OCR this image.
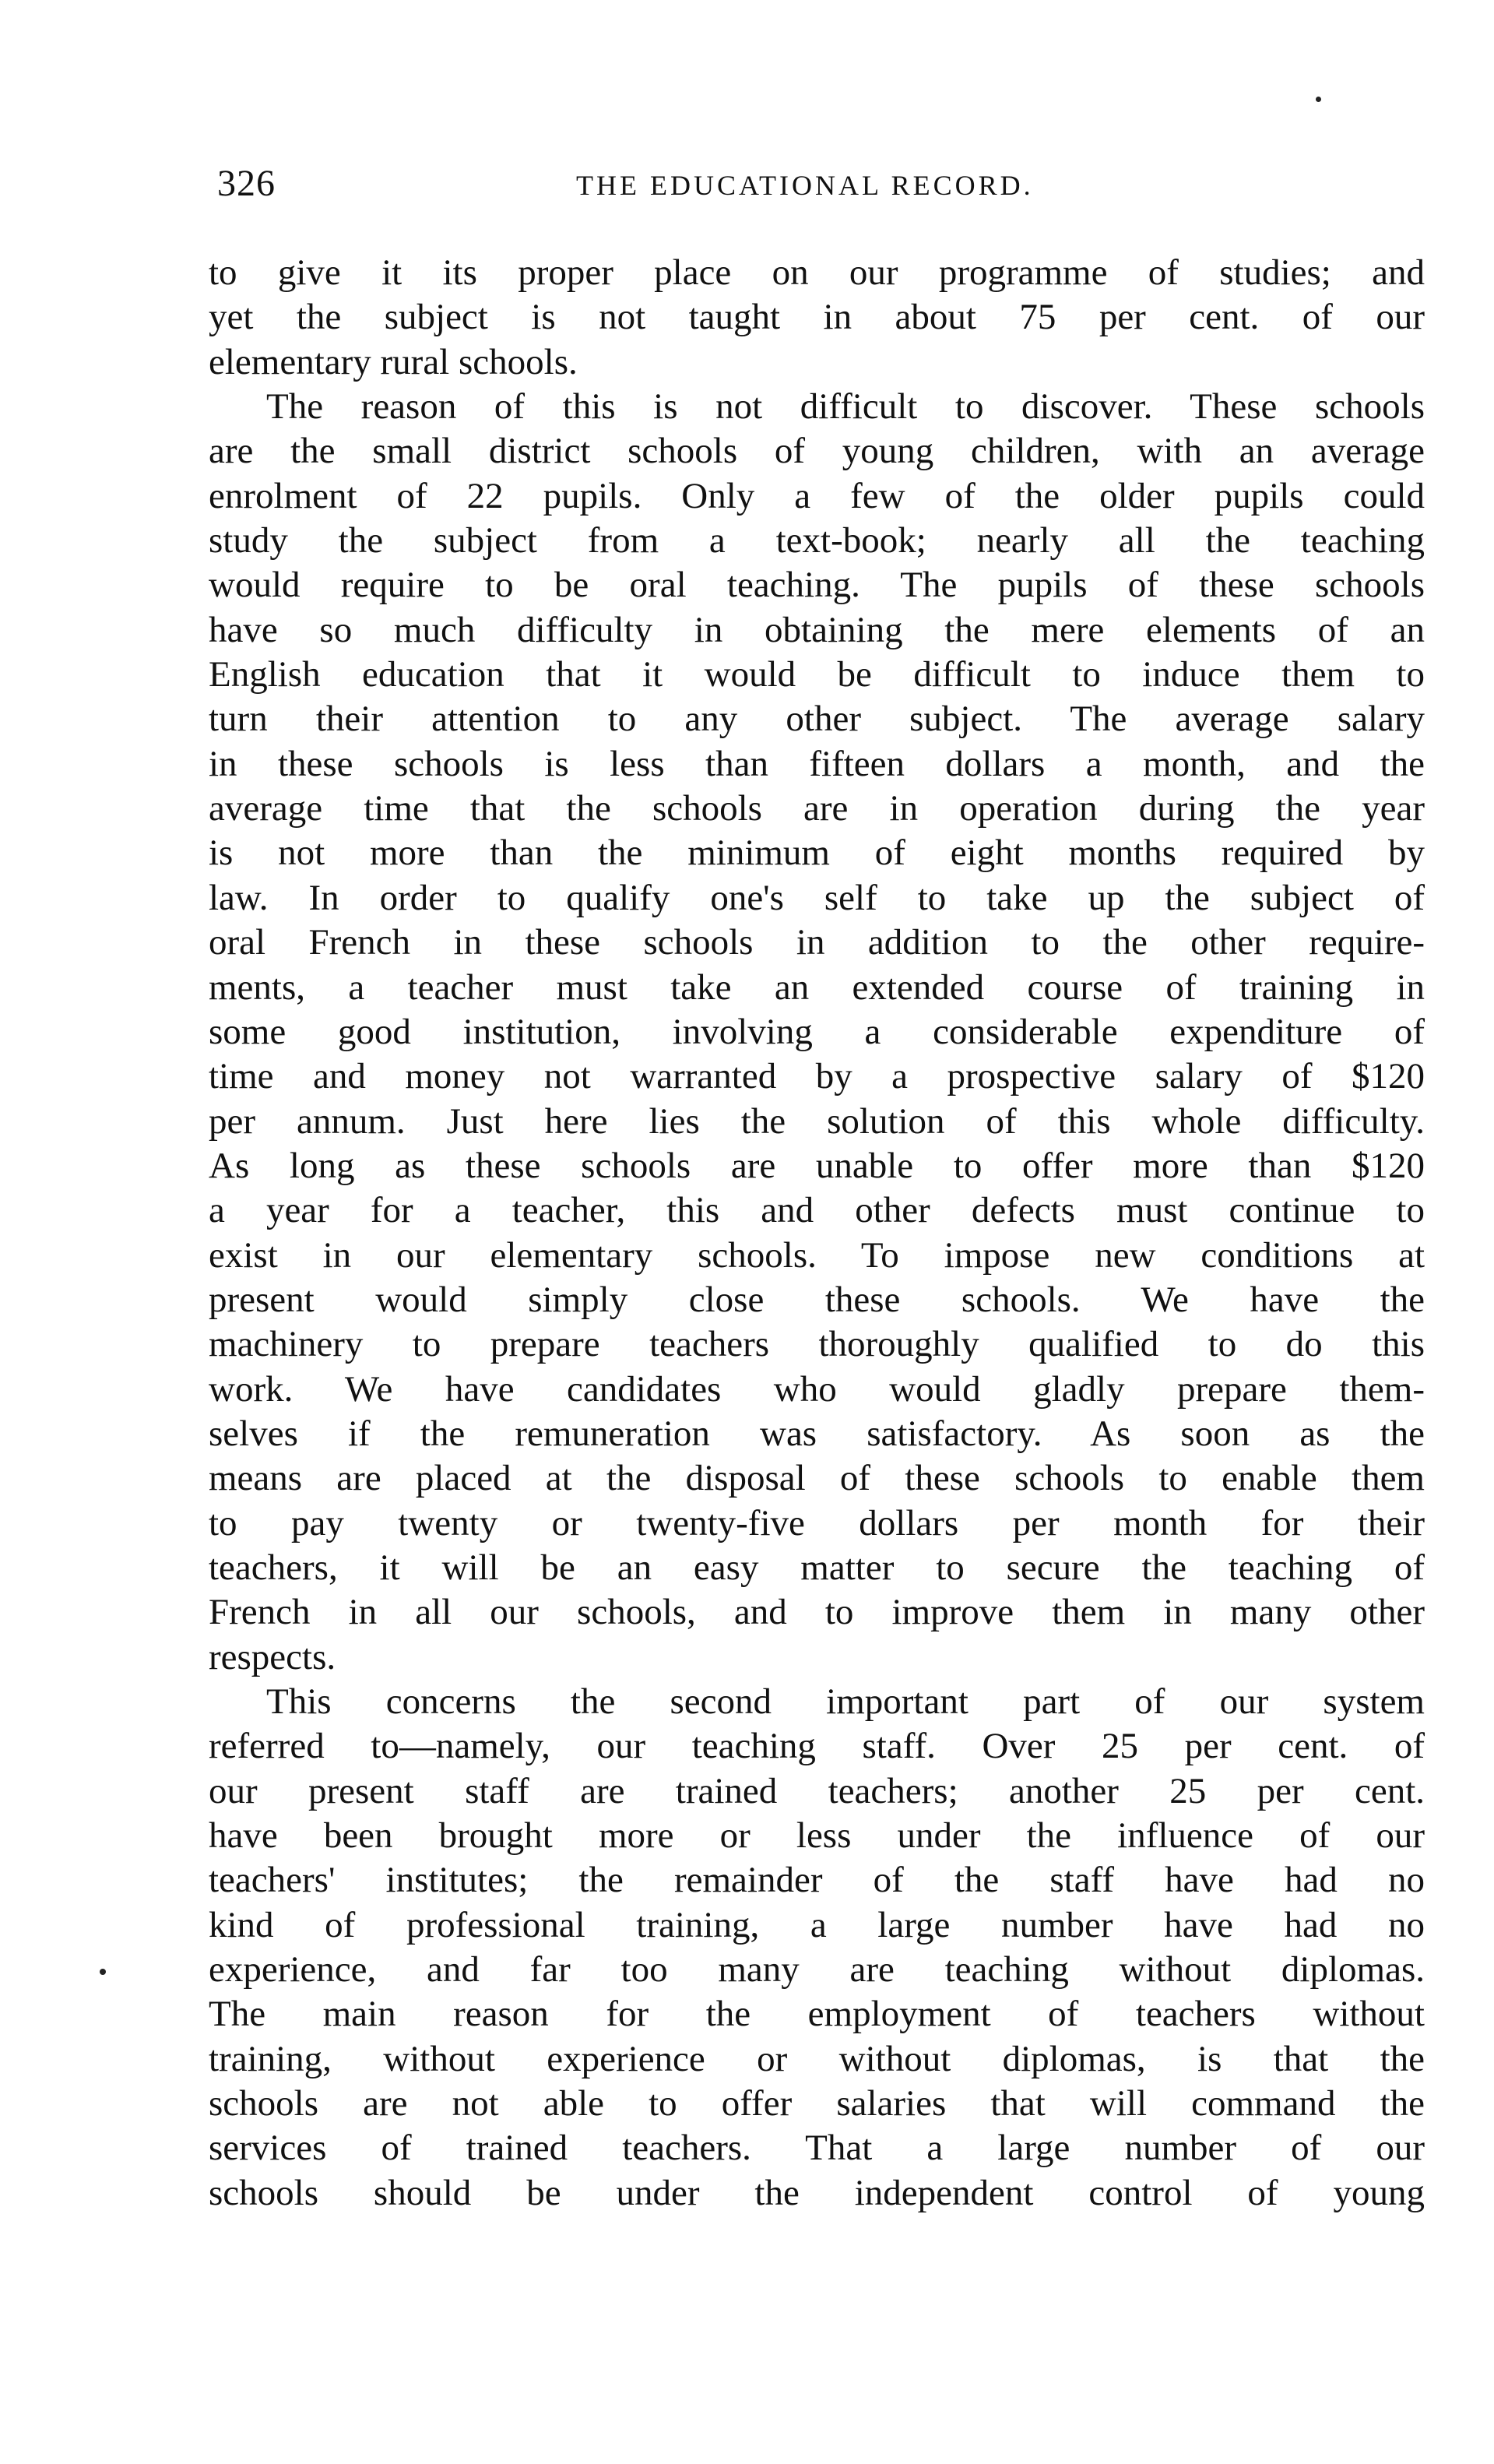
326	THE EDUCATIONAL RECORD.
to give it its proper place on our programme of studies; and
yet the subject is not taught in about 75 per cent. of our
elementary rural schools.
The reason of this is not difficult to discover. These schools
are the small district schools of young children, with an average
enrolment of 22 pupils. Only a few of the older pupils could
study the subject from a text-book; nearly all the teaching
would require to be oral teaching. The pupils of these schools
have so much difficulty in obtaining the mere elements of an
English education that it would be difficult to induce them to
turn their attention to any other subject. The average salary
in these schools is less than fifteen dollars a month, and the
average time that the schools are in operation during the year
is not more than the minimum of eight months required by
law. In order to qualify one's self to take up the subject of
oral French in these schools in addition to the other require-
ments, a teacher must take an extended course of training in
some good institution, involving a considerable expenditure of
time and money not warranted by a prospective salary of $120
per annum. Just here lies the solution of this whole difficulty.
As long as these schools are unable to offer more than $120
a year for a teacher, this and other defects must continue to
exist in our elementary schools. To impose new conditions at
present would simply close these schools. We have the
machinery to prepare teachers thoroughly qualified to do this
work. We have candidates who would gladly prepare them-
selves if the remuneration was satisfactory. As soon as the
means are placed at the disposal of these schools to enable them
to pay twenty or twenty-five dollars per month for their
teachers, it will be an easy matter to secure the teaching of
French in all our schools, and to improve them in many other
respects.
This concerns the second important part of our system
referred to—namely, our teaching staff. Over 25 per cent. of
our present staff are trained teachers; another 25 per cent.
have been brought more or less under the influence of our
teachers' institutes; the remainder of the staff have had no
kind of professional training, a large number have had no
experience, and far too many are teaching without diplomas.
The main reason for the employment of teachers without
training, without experience or without diplomas, is that the
schools are not able to offer salaries that will command the
services of trained teachers. That a large number of our
schools should be under the independent control of young
